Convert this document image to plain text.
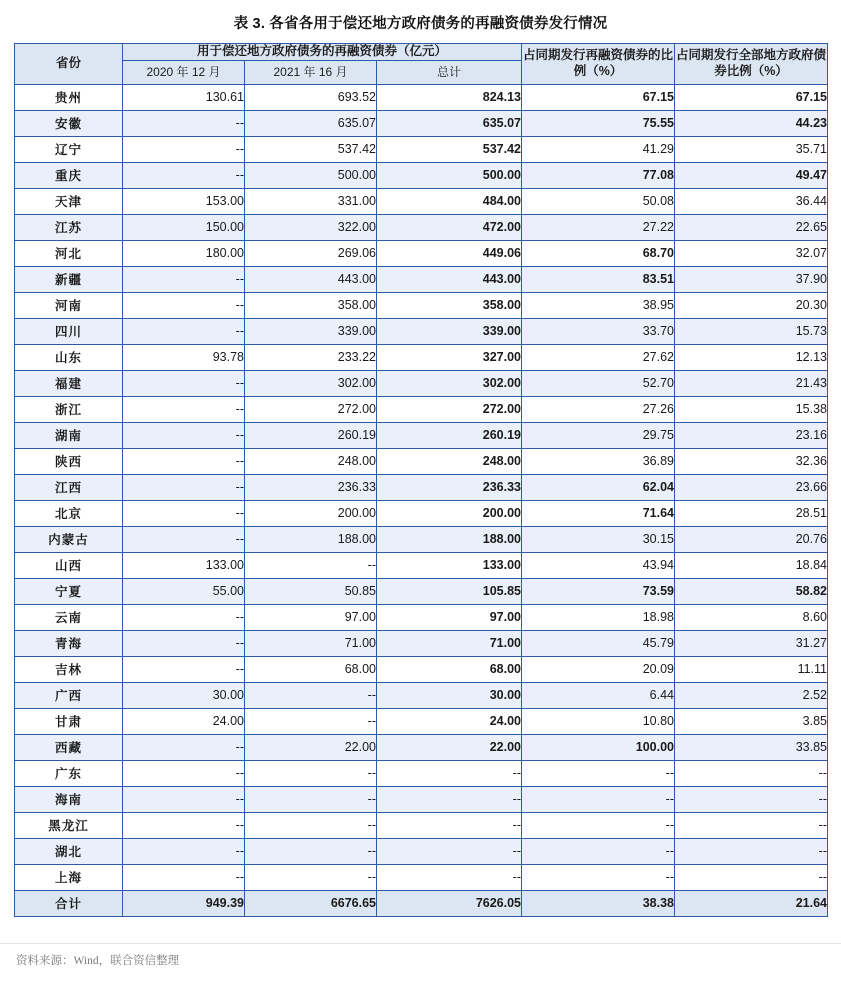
表 3. 各省各用于偿还地方政府债务的再融资债券发行情况
省份	用于偿还地方政府债务的再融资债券（亿元）			占同期发行再融资债券的比例（%）	占同期发行全部地方政府债券比例（%）
	2020 年 12 月	2021 年 16 月	总计		
贵州	130.61	693.52	824.13	67.15	67.15
安徽	--	635.07	635.07	75.55	44.23
辽宁	--	537.42	537.42	41.29	35.71
重庆	--	500.00	500.00	77.08	49.47
天津	153.00	331.00	484.00	50.08	36.44
江苏	150.00	322.00	472.00	27.22	22.65
河北	180.00	269.06	449.06	68.70	32.07
新疆	--	443.00	443.00	83.51	37.90
河南	--	358.00	358.00	38.95	20.30
四川	--	339.00	339.00	33.70	15.73
山东	93.78	233.22	327.00	27.62	12.13
福建	--	302.00	302.00	52.70	21.43
浙江	--	272.00	272.00	27.26	15.38
湖南	--	260.19	260.19	29.75	23.16
陕西	--	248.00	248.00	36.89	32.36
江西	--	236.33	236.33	62.04	23.66
北京	--	200.00	200.00	71.64	28.51
内蒙古	--	188.00	188.00	30.15	20.76
山西	133.00	--	133.00	43.94	18.84
宁夏	55.00	50.85	105.85	73.59	58.82
云南	--	97.00	97.00	18.98	8.60
青海	--	71.00	71.00	45.79	31.27
吉林	--	68.00	68.00	20.09	11.11
广西	30.00	--	30.00	6.44	2.52
甘肃	24.00	--	24.00	10.80	3.85
西藏	--	22.00	22.00	100.00	33.85
广东	--	--	--	--	--
海南	--	--	--	--	--
黑龙江	--	--	--	--	--
湖北	--	--	--	--	--
上海	--	--	--	--	--
合计	949.39	6676.65	7626.05	38.38	21.64
资料来源：Wind，联合资信整理
